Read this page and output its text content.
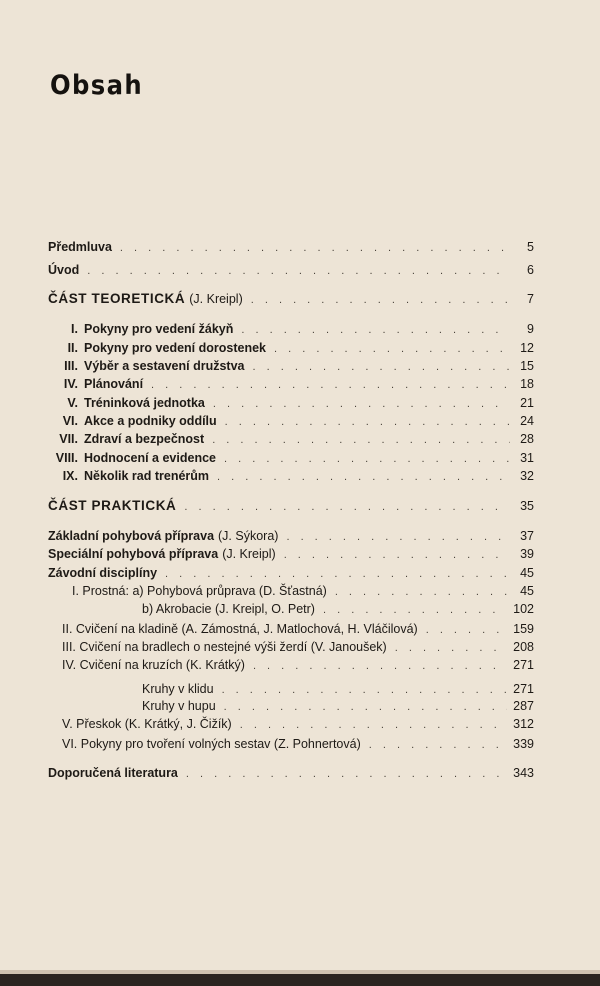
Obsah
Předmluva . . .	5
Úvod . . .	6
ČÁST TEORETICKÁ (J. Kreipl) . . .	7
I. Pokyny pro vedení žákyň . . .	9
II. Pokyny pro vedení dorostenek . . .	12
III. Výběr a sestavení družstva . . .	15
IV. Plánování . . .	18
V. Tréninková jednotka . . .	21
VI. Akce a podniky oddílu . . .	24
VII. Zdraví a bezpečnost . . .	28
VIII. Hodnocení a evidence . . .	31
IX. Několik rad trenérům . . .	32
ČÁST PRAKTICKÁ . . .	35
Základní pohybová příprava (J. Sýkora) . . .	37
Speciální pohybová příprava (J. Kreipl) . . .	39
Závodní disciplíny . . .	45
I. Prostná: a) Pohybová průprava (D. Šťastná) . . .	45
b) Akrobacie (J. Kreipl, O. Petr) . . .	102
II. Cvičení na kladině (A. Zámostná, J. Matlochová, H. Vláčilová) . . .	159
III. Cvičení na bradlech o nestejné výši žerdí (V. Janoušek) . . .	208
IV. Cvičení na kruzích (K. Krátký) . . .	271
Kruhy v klidu . . .	271
Kruhy v hupu . . .	287
V. Přeskok (K. Krátký, J. Čižík) . . .	312
VI. Pokyny pro tvoření volných sestav (Z. Pohnertová) . . .	339
Doporučená literatura . . .	343
